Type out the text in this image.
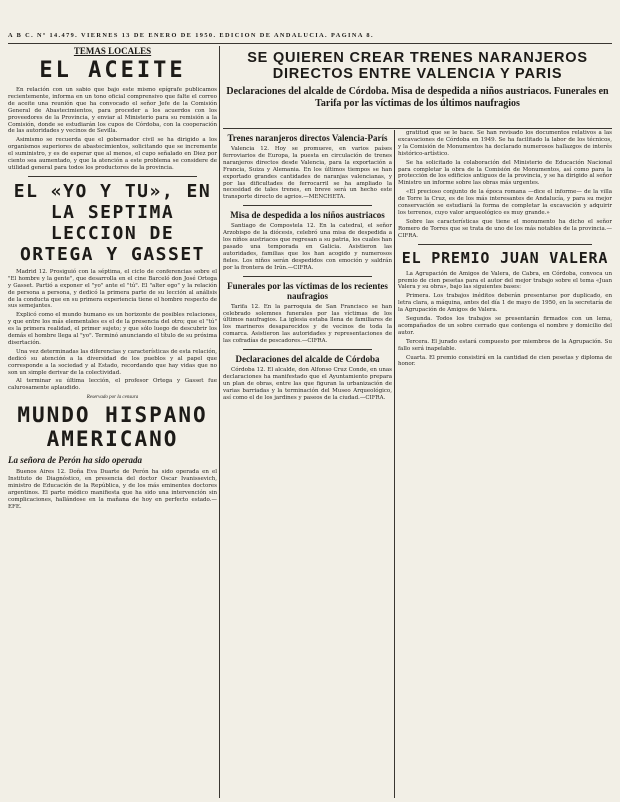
A B C. Nº 14.479. VIERNES 13 DE ENERO DE 1950. EDICION DE ANDALUCIA. PAGINA 8.
TEMAS LOCALES
EL ACEITE

En relación con un sabio que bajo este mismo epígrafe publicamos recientemente, informa en un tono oficial comprensivo que falte el correo de aceite una reunión que ha convocado el señor Jefe de la Comisión General de Abastecimientos, para proceder a los acuerdos con los proveedores de la Provincia, y enviar al Ministerio para su remisión a la Comisión, donde se estudiarán los cupos de Córdoba, con la cooperación de las autoridades y vecinos de Sevilla.

Asimismo se recuerda que el gobernador civil se ha dirigido a los organismos superiores de abastecimientos, solicitando que se incremente el suministro, y es de esperar que al menos, el cupo señalado en Diez por ciento sea aumentado, y que la atención a este problema se considere de utilidad general para todos los productores de la provincia.

EL «YO Y TU», EN LA SEPTIMA LECCION DE ORTEGA Y GASSET

Madrid 12. Prosiguió con la séptima, el ciclo de conferencias sobre el "El hombre y la gente", que desarrolla en el cine Barceló don José Ortega y Gasset. Partió a exponer el "yo" ante el "tú". El "alter ego" y la relación de persona a persona, y dedicó la primera parte de su lección al análisis de la conducta que en su primera experiencia tiene el hombre respecto de sus semejantes.

Explicó como el mundo humano es un horizonte de posibles relaciones, y que entre los más elementales es el de la presencia del otro; que el "tú" es la primera realidad, el primer sujeto; y que sólo luego de descubrir los demás el hombre llega al "yo". Terminó anunciando el título de su próxima disertación.

Una vez determinadas las diferencias y características de esta relación, dedicó su atención a la diversidad de los pueblos y al papel que corresponde a la sociedad y al Estado, recordando que hay vidas que no son un simple derivar de la colectividad.

Al terminar su última lección, el profesor Ortega y Gasset fue calurosamente aplaudido.

Reservado por la censura
MUNDO HISPANO AMERICANO
La señora de Perón ha sido operada

Buenos Aires 12. Doña Eva Duarte de Perón ha sido operada en el Instituto de Diagnóstico, en presencia del doctor Oscar Ivanissevich, ministro de Educación de la República, y de los más eminentes doctores argentinos. El parte médico manifiesta que ha sido una intervención sin complicaciones, hallándose en la mañana de hoy en perfecto estado.—EFE.

SE QUIEREN CREAR TRENES NARANJEROS DIRECTOS ENTRE VALENCIA Y PARIS
Declaraciones del alcalde de Córdoba. Misa de despedida a niños austriacos. Funerales en Tarifa por las víctimas de los últimos naufragios
Trenes naranjeros directos Valencia-París

Valencia 12. Hoy se promueve, en varios países ferroviarios de Europa, la puesta en circulación de trenes naranjeros directos desde Valencia, para la exportación a Francia, Suiza y Alemania. En los últimos tiempos se han exportado grandes cantidades de naranjas valencianas, y por las dificultades de ferrocarril se ha ampliado la necesidad de tales trenes, en breve será un hecho este transporte directo de agrios.—MENCHETA.

Misa de despedida a los niños austriacos

Santiago de Compostela 12. En la catedral, el señor Arzobispo de la diócesis, celebró una misa de despedida a los niños austriacos que regresan a su patria, los cuales han pasado una temporada en Galicia. Asistieron las autoridades, familias que los han acogido y numerosos fieles. Los niños serán despedidos con emoción y saldrán por la frontera de Irún.—CIFRA.

Funerales por las víctimas de los recientes naufragios

Tarifa 12. En la parroquia de San Francisco se han celebrado solemnes funerales por las víctimas de los últimos naufragios. La iglesia estaba llena de familiares de los marineros desaparecidos y de vecinos de toda la comarca. Asistieron las autoridades y representaciones de las cofradías de pescadores.—CIFRA.

Declaraciones del alcalde de Córdoba

Córdoba 12. El alcalde, don Alfonso Cruz Conde, en unas declaraciones ha manifestado que el Ayuntamiento prepara un plan de obras, entre las que figuran la urbanización de varias barriadas y la terminación del Museo Arqueológico, así como el de los jardines y paseos de la ciudad.—CIFRA.

gratitud que se le hace. Se han revisado los documentos relativos a las excavaciones de Córdoba en 1949. Se ha facilitado la labor de los técnicos, y la Comisión de Monumentos ha declarado numerosos hallazgos de interés histórico-artístico.

Se ha solicitado la colaboración del Ministerio de Educación Nacional para completar la obra de la Comisión de Monumentos, así como para la protección de los edificios antiguos de la provincia, y se ha dirigido al señor Ministro un informe sobre las obras más urgentes.

«El precioso conjunto de la época romana —dice el informe— de la villa de Torre la Cruz, es de los más interesantes de Andalucía, y para su mejor conservación se estudiará la forma de completar la excavación y adquirir los terrenos, cuyo valor arqueológico es muy grande.»

Sobre las características que tiene el monumento ha dicho el señor Romero de Torres que se trata de uno de los más notables de la provincia.—CIFRA.

EL PREMIO JUAN VALERA

La Agrupación de Amigos de Valera, de Cabra, en Córdoba, convoca un premio de cien pesetas para el autor del mejor trabajo sobre el tema «Juan Valera y su obra», bajo las siguientes bases:

Primera. Los trabajos inéditos deberán presentarse por duplicado, en letra clara, a máquina, antes del día 1 de mayo de 1950, en la secretaría de la Agrupación de Amigos de Valera.

Segunda. Todos los trabajos se presentarán firmados con un lema, acompañados de un sobre cerrado que contenga el nombre y domicilio del autor.

Tercera. El jurado estará compuesto por miembros de la Agrupación. Su fallo será inapelable.

Cuarta. El premio consistirá en la cantidad de cien pesetas y diploma de honor.
